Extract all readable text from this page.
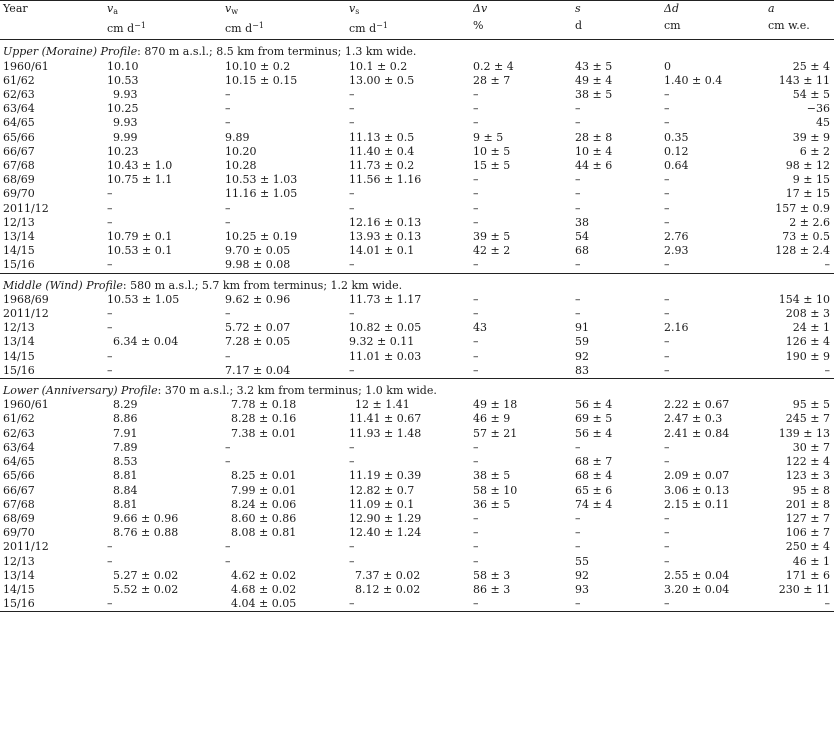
Year	$v_a$	$v_w$	$v_s$	Δv	s	Δd	a
	cm $d^{-1}$	cm $d^{-1}$	cm $d^{-1}$	%	d	cm	cm w.e.
Upper (Moraine) Profile: 870 m a.s.l.; 8.5 km from terminus; 1.3 km wide.							
1960/61	10.10	10.10 ± 0.2	10.1 ± 0.2	0.2 ± 4	43 ± 5	0	25 ± 4
61/62	10.53	10.15 ± 0.15	13.00 ± 0.5	28 ± 7	49 ± 4	1.40 ± 0.4	143 ± 11
62/63	9.93	–	–	–	38 ± 5	–	54 ± 5
63/64	10.25	–	–	–	–	–	−36
64/65	9.93	–	–	–	–	–	45
65/66	9.99	9.89	11.13 ± 0.5	9 ± 5	28 ± 8	0.35	39 ± 9
66/67	10.23	10.20	11.40 ± 0.4	10 ± 5	10 ± 4	0.12	6 ± 2
67/68	10.43 ± 1.0	10.28	11.73 ± 0.2	15 ± 5	44 ± 6	0.64	98 ± 12
68/69	10.75 ± 1.1	10.53 ± 1.03	11.56 ± 1.16	–	–	–	9 ± 15
69/70	–	11.16 ± 1.05	–	–	–	–	17 ± 15
2011/12	–	–	–	–	–	–	157 ± 0.9
12/13	–	–	12.16 ± 0.13	–	38	–	2 ± 2.6
13/14	10.79 ± 0.1	10.25 ± 0.19	13.93 ± 0.13	39 ± 5	54	2.76	73 ± 0.5
14/15	10.53 ± 0.1	9.70 ± 0.05	14.01 ± 0.1	42 ± 2	68	2.93	128 ± 2.4
15/16	–	9.98 ± 0.08	–	–	–	–	–
Middle (Wind) Profile: 580 m a.s.l.; 5.7 km from terminus; 1.2 km wide.							
1968/69	10.53 ± 1.05	9.62 ± 0.96	11.73 ± 1.17	–	–	–	154 ± 10
2011/12	–	–	–	–	–	–	208 ± 3
12/13	–	5.72 ± 0.07	10.82 ± 0.05	43	91	2.16	24 ± 1
13/14	6.34 ± 0.04	7.28 ± 0.05	9.32 ± 0.11	–	59	–	126 ± 4
14/15	–	–	11.01 ± 0.03	–	92	–	190 ± 9
15/16	–	7.17 ± 0.04	–	–	83	–	–
Lower (Anniversary) Profile: 370 m a.s.l.; 3.2 km from terminus; 1.0 km wide.							
1960/61	8.29	7.78 ± 0.18	12 ± 1.41	49 ± 18	56 ± 4	2.22 ± 0.67	95 ± 5
61/62	8.86	8.28 ± 0.16	11.41 ± 0.67	46 ± 9	69 ± 5	2.47 ± 0.3	245 ± 7
62/63	7.91	7.38 ± 0.01	11.93 ± 1.48	57 ± 21	56 ± 4	2.41 ± 0.84	139 ± 13
63/64	7.89	–	–	–	–	–	30 ± 7
64/65	8.53	–	–	–	68 ± 7	–	122 ± 4
65/66	8.81	8.25 ± 0.01	11.19 ± 0.39	38 ± 5	68 ± 4	2.09 ± 0.07	123 ± 3
66/67	8.84	7.99 ± 0.01	12.82 ± 0.7	58 ± 10	65 ± 6	3.06 ± 0.13	95 ± 8
67/68	8.81	8.24 ± 0.06	11.09 ± 0.1	36 ± 5	74 ± 4	2.15 ± 0.11	201 ± 8
68/69	9.66 ± 0.96	8.60 ± 0.86	12.90 ± 1.29	–	–	–	127 ± 7
69/70	8.76 ± 0.88	8.08 ± 0.81	12.40 ± 1.24	–	–	–	106 ± 7
2011/12	–	–	–	–	–	–	250 ± 4
12/13	–	–	–	–	55	–	46 ± 1
13/14	5.27 ± 0.02	4.62 ± 0.02	7.37 ± 0.02	58 ± 3	92	2.55 ± 0.04	171 ± 6
14/15	5.52 ± 0.02	4.68 ± 0.02	8.12 ± 0.02	86 ± 3	93	3.20 ± 0.04	230 ± 11
15/16	–	4.04 ± 0.05	–	–	–	–	–
